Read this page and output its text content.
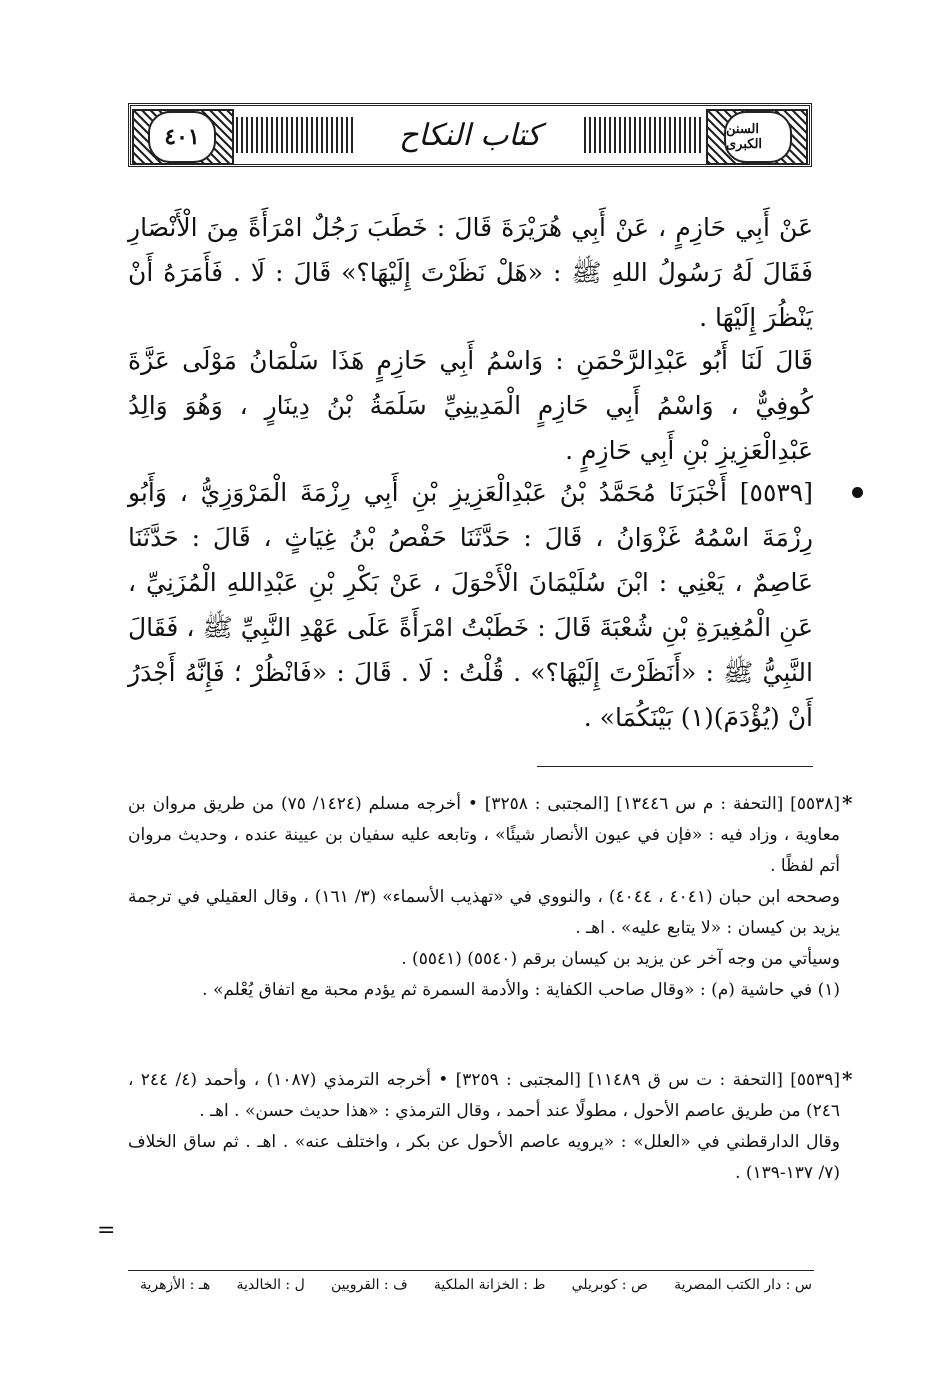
٤٠١	السنن الكبرى
كتاب النكاح

عَنْ أَبِي حَازِمٍ ، عَنْ أَبِي هُرَيْرَةَ قَالَ : خَطَبَ رَجُلٌ امْرَأَةً مِنَ الْأَنْصَارِ فَقَالَ لَهُ رَسُولُ اللهِ ﷺ : «هَلْ نَظَرْتَ إِلَيْهَا؟» قَالَ : لَا . فَأَمَرَهُ أَنْ يَنْظُرَ إِلَيْهَا .

قَالَ لَنَا أَبُو عَبْدِالرَّحْمَنِ : وَاسْمُ أَبِي حَازِمٍ هَذَا سَلْمَانُ مَوْلَى عَزَّةَ كُوفِيٌّ ، وَاسْمُ أَبِي حَازِمٍ الْمَدِينِيِّ سَلَمَةُ بْنُ دِينَارٍ ، وَهُوَ وَالِدُ عَبْدِالْعَزِيزِ بْنِ أَبِي حَازِمٍ .

[٥٥٣٩] أَخْبَرَنَا مُحَمَّدُ بْنُ عَبْدِالْعَزِيزِ بْنِ أَبِي رِزْمَةَ الْمَرْوَزِيُّ ، وَأَبُو رِزْمَةَ اسْمُهُ غَزْوَانُ ، قَالَ : حَدَّثَنَا حَفْصُ بْنُ غِيَاثٍ ، قَالَ : حَدَّثَنَا عَاصِمٌ ، يَعْنِي : ابْنَ سُلَيْمَانَ الْأَحْوَلَ ، عَنْ بَكْرِ بْنِ عَبْدِاللهِ الْمُزَنِيِّ ، عَنِ الْمُغِيرَةِ بْنِ شُعْبَةَ قَالَ : خَطَبْتُ امْرَأَةً عَلَى عَهْدِ النَّبِيِّ ﷺ ، فَقَالَ النَّبِيُّ ﷺ : «أَنَظَرْتَ إِلَيْهَا؟» . قُلْتُ : لَا . قَالَ : «فَانْظُرْ ؛ فَإِنَّهُ أَجْدَرُ أَنْ (يُؤْدَمَ)(١) بَيْنَكُمَا» .

[٥٥٣٨] [التحفة : م س ١٣٤٤٦] [المجتبى : ٣٢٥٨] • أخرجه مسلم (١٤٢٤/ ٧٥) من طريق مروان بن معاوية ، وزاد فيه : «فإن في عيون الأنصار شيئًا» ، وتابعه عليه سفيان بن عيينة عنده ، وحديث مروان أتم لفظًا .

وصححه ابن حبان (٤٠٤١ ، ٤٠٤٤) ، والنووي في «تهذيب الأسماء» (٣/ ١٦١) ، وقال العقيلي في ترجمة يزيد بن كيسان : «لا يتابع عليه» . اهـ .

وسيأتي من وجه آخر عن يزيد بن كيسان برقم (٥٥٤٠) (٥٥٤١) .

(١) في حاشية (م) : «وقال صاحب الكفاية : والأدمة السمرة ثم يؤدم محبة مع اتفاق يُعْلم» .

*

[٥٥٣٩] [التحفة : ت س ق ١١٤٨٩] [المجتبى : ٣٢٥٩] • أخرجه الترمذي (١٠٨٧) ، وأحمد (٤/ ٢٤٤ ، ٢٤٦) من طريق عاصم الأحول ، مطولًا عند أحمد ، وقال الترمذي : «هذا حديث حسن» . اهـ .

وقال الدارقطني في «العلل» : «يرويه عاصم الأحول عن بكر ، واختلف عنه» . اهـ . ثم ساق الخلاف (٧/ ١٣٧-١٣٩) .

*
=
س : دار الكتب المصرية
ص : كوبريلي
ط : الخزانة الملكية
ف : القرويين
ل : الخالدية
هـ : الأزهرية
